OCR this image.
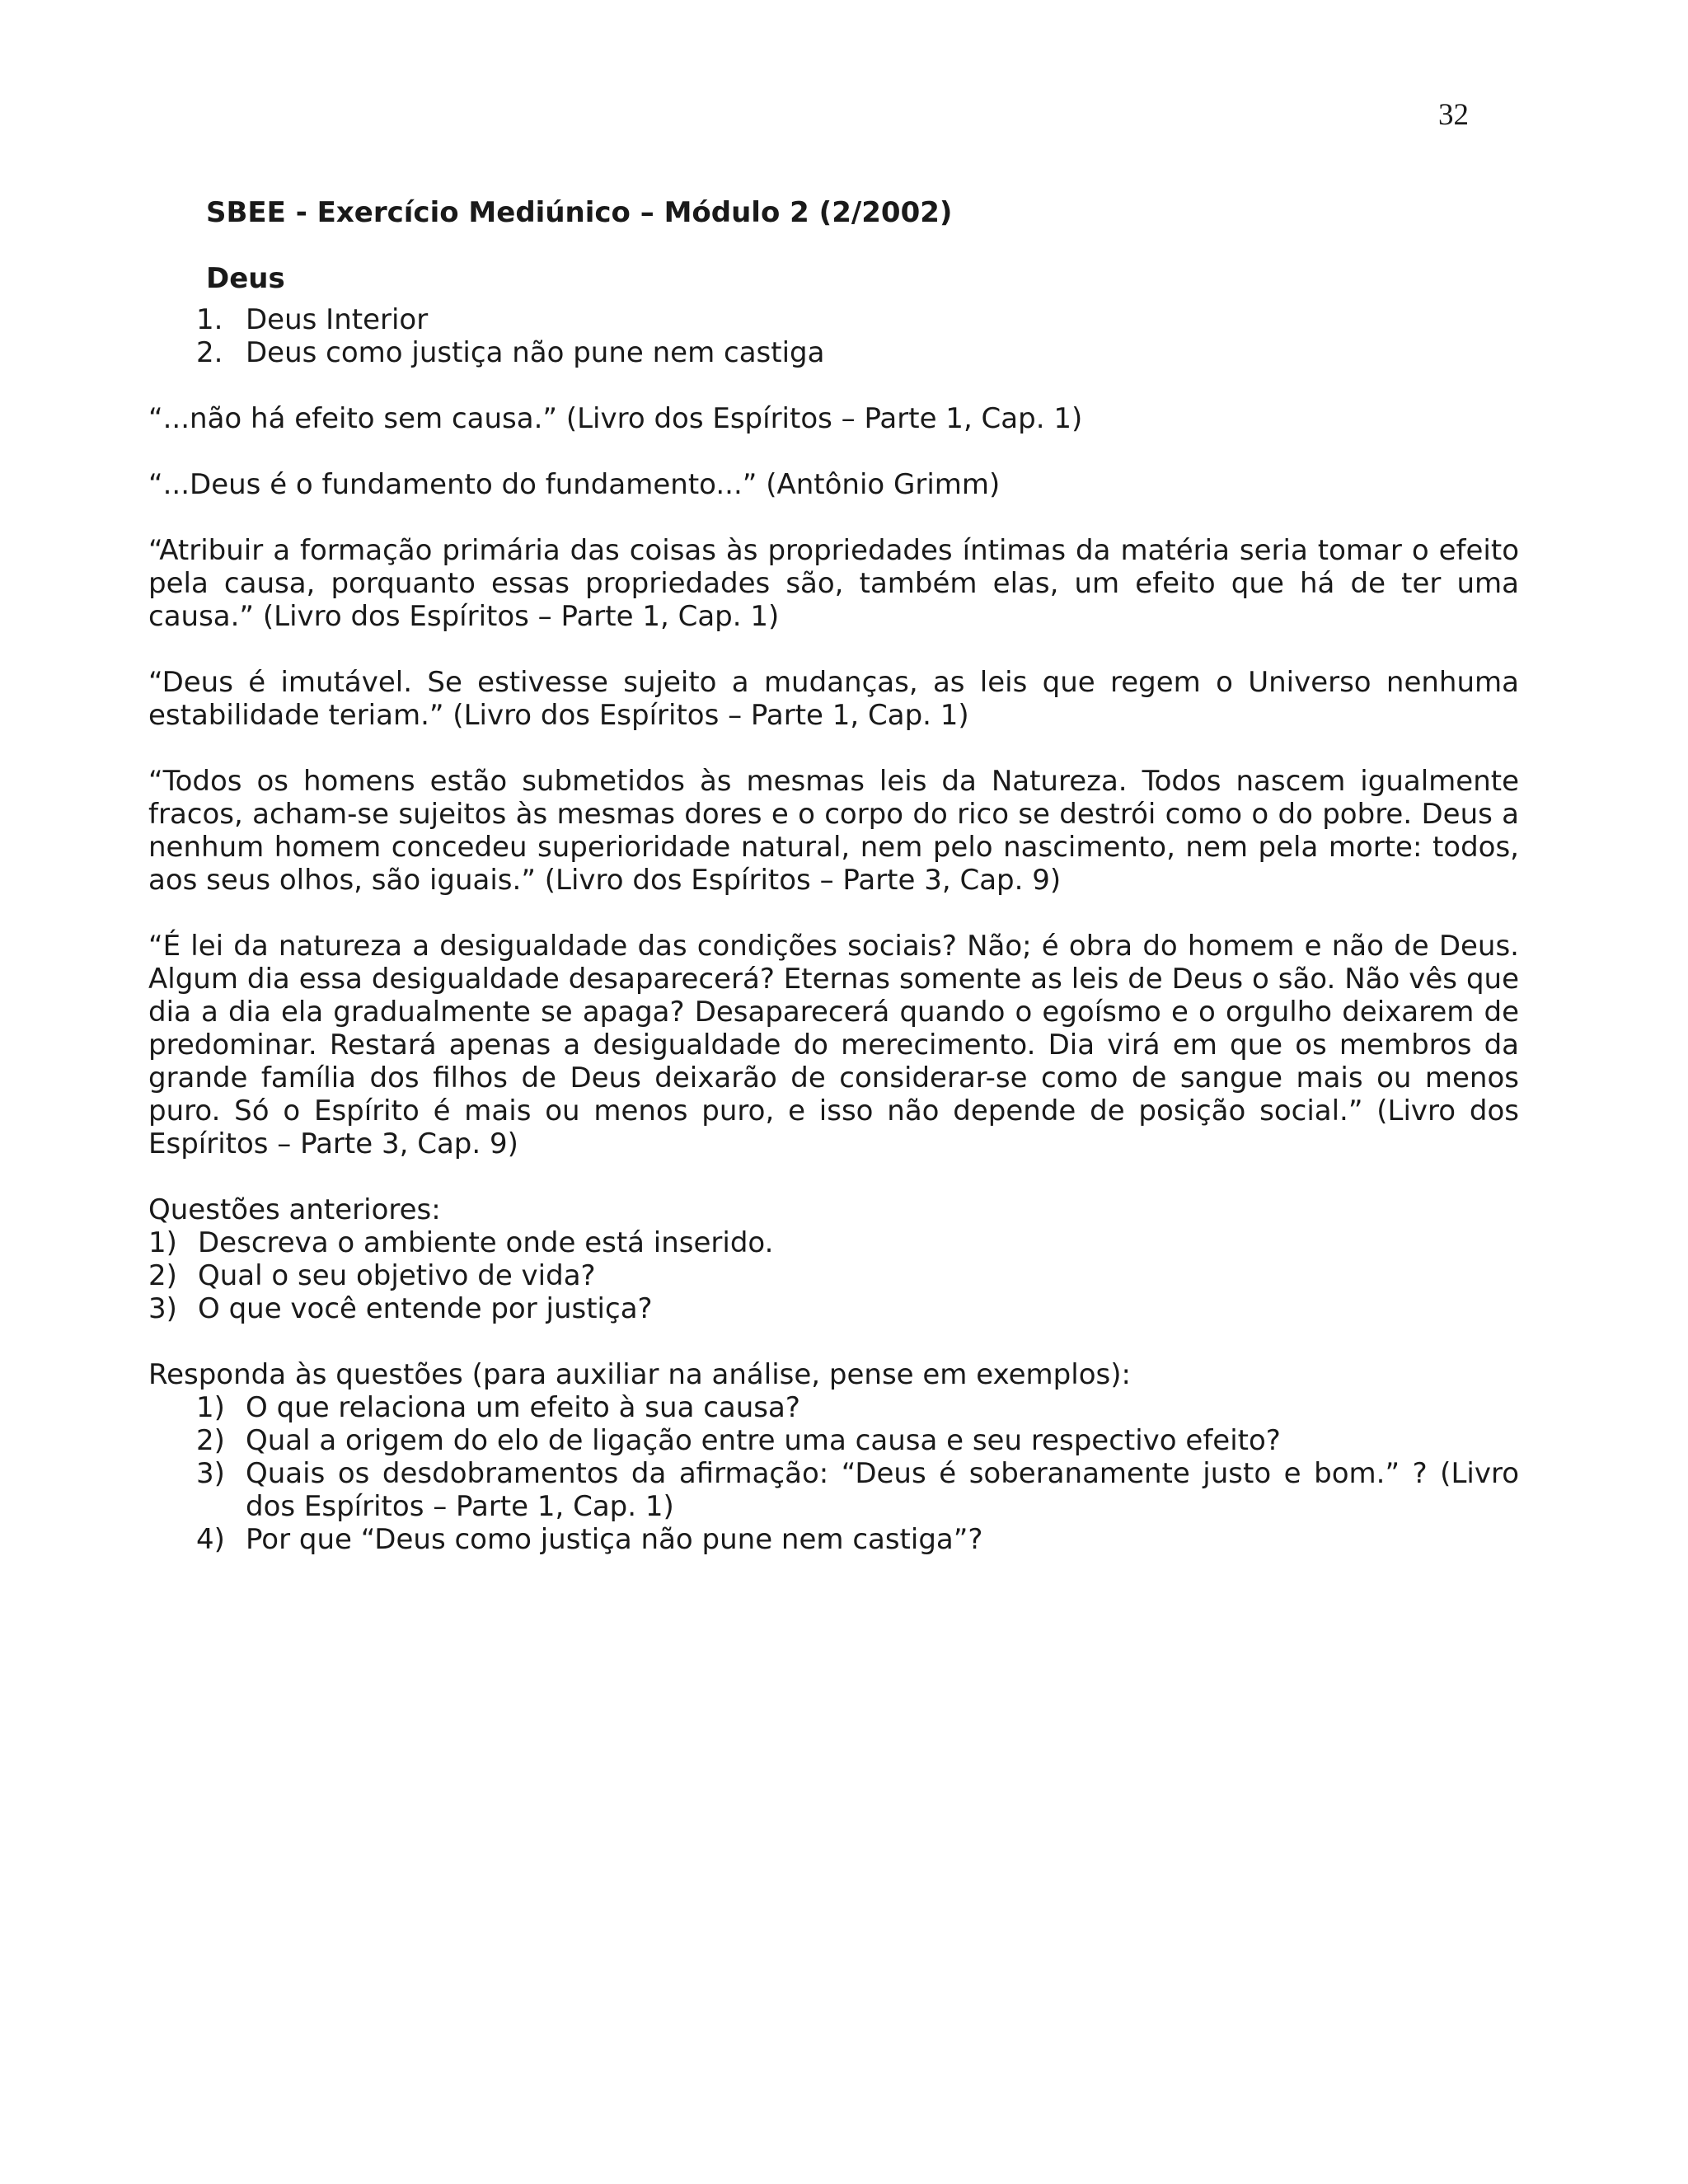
32
SBEE - Exercício Mediúnico – Módulo 2 (2/2002)
Deus
1. Deus Interior
2. Deus como justiça não pune nem castiga

“...não há efeito sem causa.” (Livro dos Espíritos – Parte 1, Cap. 1)

“...Deus é o fundamento do fundamento...” (Antônio Grimm)

“Atribuir a formação primária das coisas às propriedades íntimas da matéria seria tomar o efeito pela causa, porquanto essas propriedades são, também elas, um efeito que há de ter uma causa.” (Livro dos Espíritos – Parte 1, Cap. 1)

“Deus é imutável. Se estivesse sujeito a mudanças, as leis que regem o Universo nenhuma estabilidade teriam.” (Livro dos Espíritos – Parte 1, Cap. 1)

“Todos os homens estão submetidos às mesmas leis da Natureza. Todos nascem igualmente fracos, acham-se sujeitos às mesmas dores e o corpo do rico se destrói como o do pobre. Deus a nenhum homem concedeu superioridade natural, nem pelo nascimento, nem pela morte: todos, aos seus olhos, são iguais.” (Livro dos Espíritos – Parte 3, Cap. 9)

“É lei da natureza a desigualdade das condições sociais? Não; é obra do homem e não de Deus. Algum dia essa desigualdade desaparecerá? Eternas somente as leis de Deus o são. Não vês que dia a dia ela gradualmente se apaga? Desaparecerá quando o egoísmo e o orgulho deixarem de predominar. Restará apenas a desigualdade do merecimento. Dia virá em que os membros da grande família dos filhos de Deus deixarão de considerar-se como de sangue mais ou menos puro. Só o Espírito é mais ou menos puro, e isso não depende de posição social.” (Livro dos Espíritos – Parte 3, Cap. 9)

Questões anteriores:

1) Descreva o ambiente onde está inserido.
2) Qual o seu objetivo de vida?
3) O que você entende por justiça?

Responda às questões (para auxiliar na análise, pense em exemplos):

1) O que relaciona um efeito à sua causa?
2) Qual a origem do elo de ligação entre uma causa e seu respectivo efeito?
3) Quais os desdobramentos da afirmação: “Deus é soberanamente justo e bom.” ? (Livro dos Espíritos – Parte 1, Cap. 1)
4) Por que “Deus como justiça não pune nem castiga”?
